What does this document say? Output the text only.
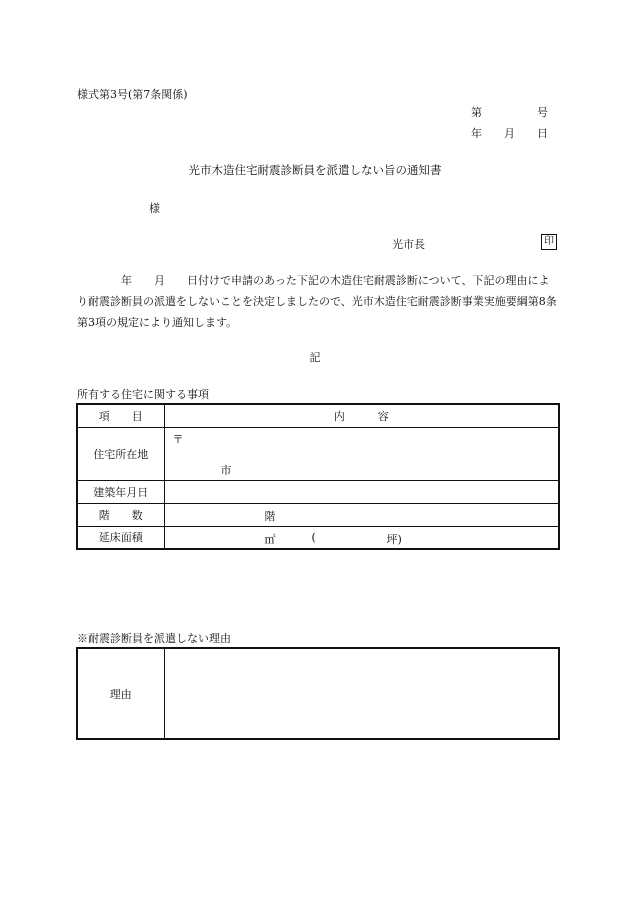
様式第3号(第7条関係)
第　　　　　号
年　　月　　日
光市木造住宅耐震診断員を派遣しない旨の通知書
様
光市長	印
　　　　年　　月　　日付けで申請のあった下記の木造住宅耐震診断について、下記の理由により耐震診断員の派遣をしないことを決定しましたので、光市木造住宅耐震診断事業実施要綱第8条第3項の規定により通知します。
記
所有する住宅に関する事項
項　　目	内　　　容
住宅所在地	〒
市

建築年月日	
階　　数	階

延床面積	㎡ ( 坪)
※耐震診断員を派遣しない理由
理由	
